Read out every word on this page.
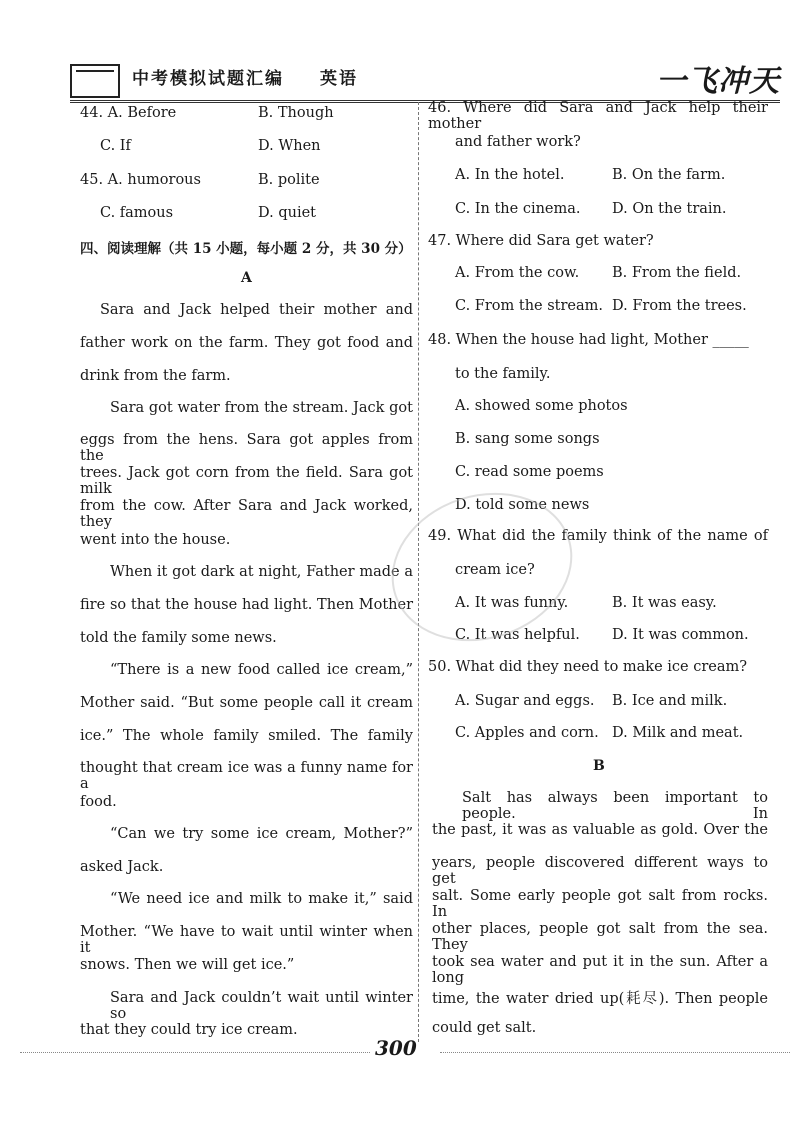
中考模拟试题汇编 英语	一飞冲天
44. A. Before	B. Though
C. If	D. When
45. A. humorous	B. polite
C. famous	D. quiet
四、阅读理解（共 15 小题，每小题 2 分，共 30 分）
A
Sara and Jack helped their mother and
father work on the farm. They got food and
drink from the farm.
Sara got water from the stream. Jack got
eggs from the hens. Sara got apples from the
trees. Jack got corn from the field. Sara got milk
from the cow. After Sara and Jack worked, they
went into the house.
When it got dark at night, Father made a
fire so that the house had light. Then Mother
told the family some news.
“There is a new food called ice cream,”
Mother said. “But some people call it cream
ice.” The whole family smiled. The family
thought that cream ice was a funny name for a
food.
“Can we try some ice cream, Mother?”
asked Jack.
“We need ice and milk to make it,” said
Mother. “We have to wait until winter when it
snows. Then we will get ice.”
Sara and Jack couldn’t wait until winter so
that they could try ice cream.
46. Where did Sara and Jack help their mother
and father work?
A. In the hotel.	B. On the farm.
C. In the cinema. D. On the train.
47. Where did Sara get water?
A. From the cow. B. From the field.
C. From the stream. D. From the trees.
48. When the house had light, Mother _____
to the family.
A. showed some photos
B. sang some songs
C. read some poems
D. told some news
49. What did the family think of the name of
cream ice?
A. It was funny.	B. It was easy.
C. It was helpful. D. It was common.
50. What did they need to make ice cream?
A. Sugar and eggs. B. Ice and milk.
C. Apples and corn. D. Milk and meat.
B
Salt has always been important to people. In
the past, it was as valuable as gold. Over the
years, people discovered different ways to get
salt. Some early people got salt from rocks. In
other places, people got salt from the sea. They
took sea water and put it in the sun. After a long
time, the water dried up(耗尽). Then people
could get salt.
300
